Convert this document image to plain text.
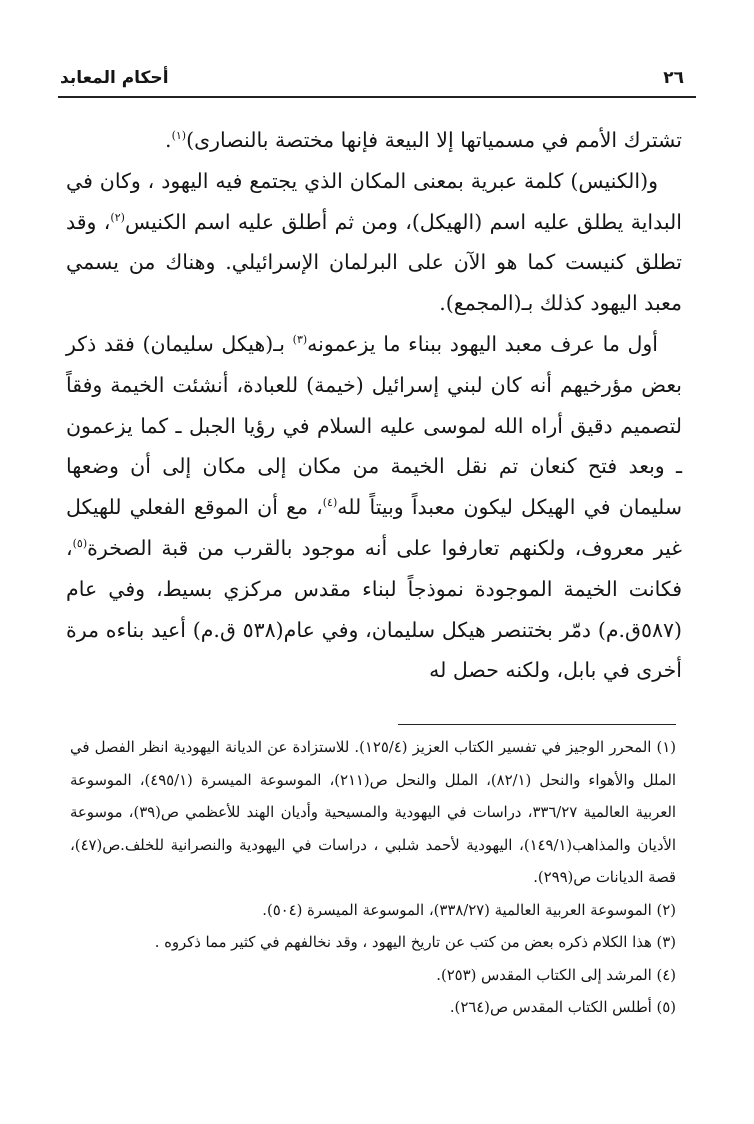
٢٦
أحكام المعابد

تشترك الأمم في مسمياتها إلا البيعة فإنها مختصة بالنصارى)$^{(١)}$.

و(الكنيس) كلمة عبرية بمعنى المكان الذي يجتمع فيه اليهود ، وكان في البداية يطلق عليه اسم (الهيكل)، ومن ثم أطلق عليه اسم الكنيس$^{(٢)}$، وقد تطلق كنيست كما هو الآن على البرلمان الإسرائيلي. وهناك من يسمي معبد اليهود كذلك بـ(المجمع).

أول ما عرف معبد اليهود ببناء ما يزعمونه$^{(٣)}$ بـ(هيكل سليمان) فقد ذكر بعض مؤرخيهم أنه كان لبني إسرائيل (خيمة) للعبادة، أنشئت الخيمة وفقاً لتصميم دقيق أراه الله لموسى عليه السلام في رؤيا الجبل ـ كما يزعمون ـ وبعد فتح كنعان تم نقل الخيمة من مكان إلى مكان إلى أن وضعها سليمان في الهيكل ليكون معبداً وبيتاً لله$^{(٤)}$، مع أن الموقع الفعلي للهيكل غير معروف، ولكنهم تعارفوا على أنه موجود بالقرب من قبة الصخرة$^{(٥)}$، فكانت الخيمة الموجودة نموذجاً لبناء مقدس مركزي بسيط، وفي عام (٥٨٧ق.م) دمّر بختنصر هيكل سليمان، وفي عام(٥٣٨ ق.م) أعيد بناءه مرة أخرى في بابل، ولكنه حصل له

(١) المحرر الوجيز في تفسير الكتاب العزيز (١٢٥/٤). للاستزادة عن الديانة اليهودية انظر الفصل في الملل والأهواء والنحل (٨٢/١)، الملل والنحل ص(٢١١)، الموسوعة الميسرة (٤٩٥/١)، الموسوعة العربية العالمية ٣٣٦/٢٧، دراسات في اليهودية والمسيحية وأديان الهند للأعظمي ص(٣٩)، موسوعة الأديان والمذاهب(١٤٩/١)، اليهودية لأحمد شلبي ، دراسات في اليهودية والنصرانية للخلف.ص(٤٧)، قصة الديانات ص(٢٩٩).

(٢) الموسوعة العربية العالمية (٣٣٨/٢٧)، الموسوعة الميسرة (٥٠٤).

(٣) هذا الكلام ذكره بعض من كتب عن تاريخ اليهود ، وقد نخالفهم في كثير مما ذكروه .

(٤) المرشد إلى الكتاب المقدس (٢٥٣).

(٥) أطلس الكتاب المقدس ص(٢٦٤).
